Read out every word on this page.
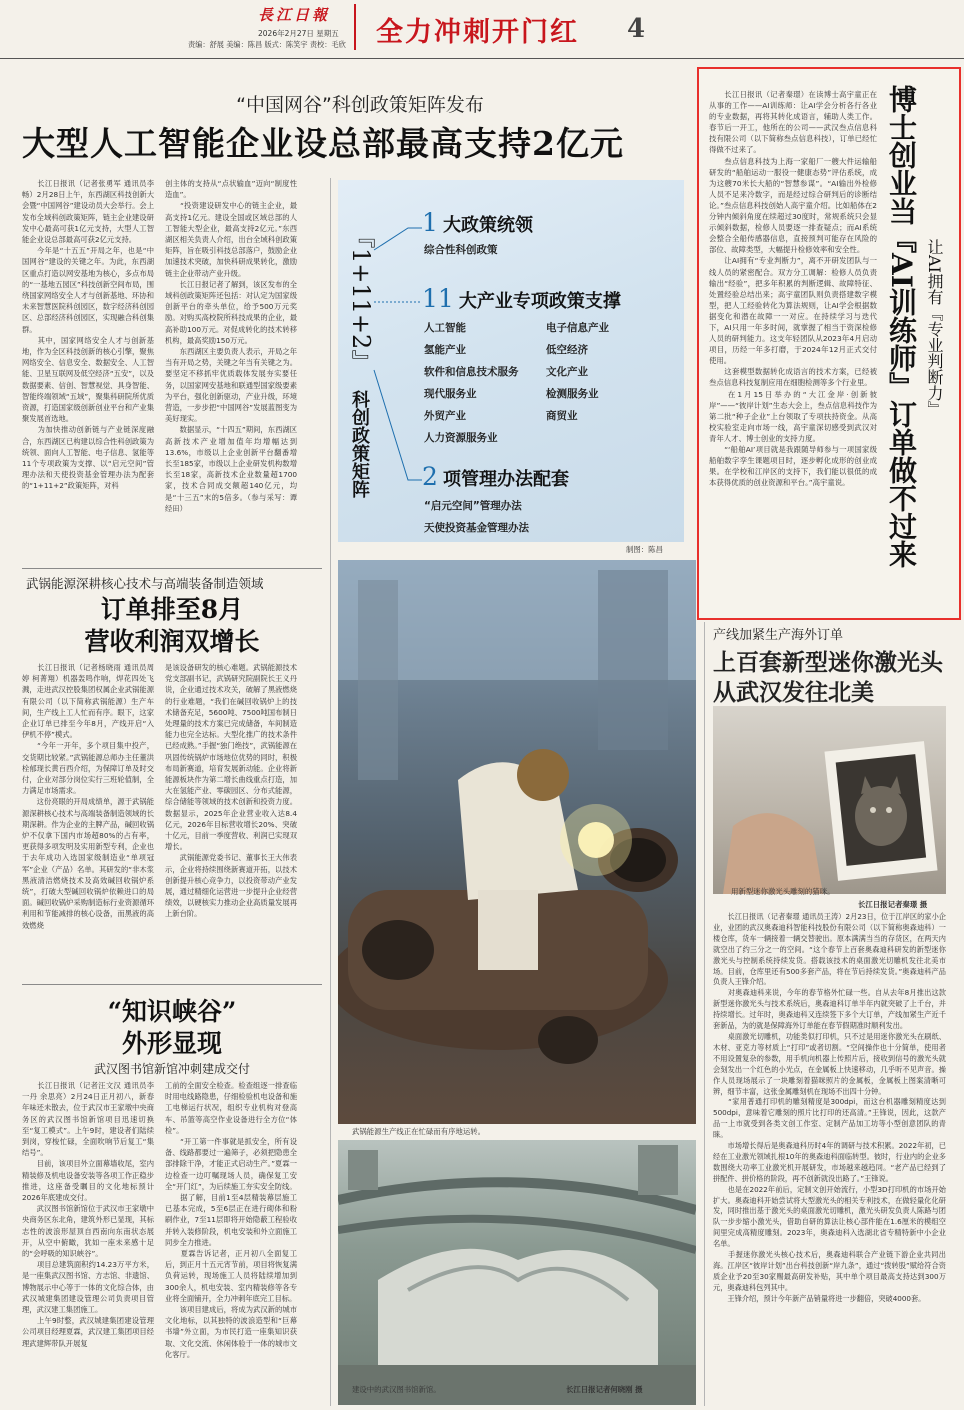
長江日報
2026年2月27日 星期五
责编：舒展 美编：陈昌 版式：陈笑宇 责校：毛欣 全力冲刺开门红 4
“中国网谷”科创政策矩阵发布
大型人工智能企业设总部最高支持2亿元
　　长江日报讯（记者张勇军 通讯员李畅）2月28日上午，东西湖区科技创新大会暨“中国网谷”建设动员大会举行。会上发布全域科创政策矩阵，链主企业建设研发中心最高可获1亿元支持，大型人工智能企业设总部最高可获2亿元支持。
　　今年是“十五五”开局之年，也是“中国网谷”建设的关键之年。为此，东西湖区重点打造以网安基地为核心，多点布局的“一基地五园区”科技创新空间布局，围绕国家网络安全人才与创新基地、环协和未来智慧医院科创园区，数字经济科创园区、总部经济科创园区，实现融合科创集群。
　　其中，国家网络安全人才与创新基地，作为全区科技创新的核心引擎，聚焦网络安全、信息安全、数据安全、人工智能、卫星互联网及低空经济“五安”，以及数据要素、信创、智慧视觉、具身智能、智能终端领域“五域”，聚集科研院所优质资源，打造国家级创新创业平台和产业集聚发展首选地。
　　为加快推动创新链与产业链深度融合，东西湖区已构建以综合性科创政策为统领、面向人工智能、电子信息、氢能等11个专项政策为支撑、以“启元空间”管理办法和天使投资基金管理办法为配套的“1+11+2”政策矩阵，对科
创主体的支持从“点状输血”迈向“制度性造血”。
　　“投资建设研发中心的链主企业，最高支持1亿元。建设全国或区域总部的人工智能大型企业，最高支持2亿元。”东西湖区相关负责人介绍，出台全域科创政策矩阵，旨在吸引科技总部落户，鼓励企业加速技术突破，加快科研成果转化，激励链主企业带动产业升级。
　　长江日报记者了解到，该区发布的全域科创政策矩阵还包括：对认定为国家级创新平台的牵头单位，给予500万元奖励。对购买高校院所科技成果的企业，最高补助100万元。对促成转化的技术转移机构，最高奖励150万元。
　　东西湖区主要负责人表示，开局之年当有开局之势，关键之年当有关键之为。要坚定不移抓牢优质载体发展夯实要任务，以国家网安基地和联通型国家级要素为平台，强化创新驱动，产业升级，环境营造，一步步把“中国网谷”发展蓝图变为美好现实。
　　数据显示，“十四五”期间，东西湖区高新技术产业增加值年均增幅达到13.6%，市级以上企业创新平台翻番增长至185家，市级以上企业研发机构数增长至18家，高新技术企业数量超1700家，技术合同成交额超140亿元，均是“十三五”末的5倍多。（参与采写：谭经田）
『1+11+2』
科创政策矩阵
1 大政策统领
综合性科创政策
11 大产业专项政策支撑
人工智能
氢能产业
软件和信息技术服务
现代服务业
外贸产业
人力资源服务业
电子信息产业
低空经济
文化产业
检测服务业
商贸业
2 项管理办法配套
“启元空间”管理办法
天使投资基金管理办法
制图：陈昌
武锅能源生产线正在忙碌而有序地运转。
建设中的武汉图书馆新馆。	长江日报记者何晓刚 摄
武锅能源深耕核心技术与高端装备制造领域
订单排至8月
营收利润双增长
　　长江日报讯（记者杨晓雨 通讯员周婷 柯菁翔）机器轰鸣作响，焊花四处飞溅，走进武汉控股集团权属企业武锅能源有限公司（以下简称武锅能源）生产车间，生产线上工人忙而有序。眼下，这家企业订单已排至今年8月，产线开启“入伊机不停”模式。
　　“今年一开年，多个项目集中投产，交货期比较紧。”武锅能源总师办主任董洪栓郁现长黄百西介绍，为保障订单及时交付，企业对部分岗位实行三班轮值制，全力满足市场需求。
　　这份亮眼的开局成绩单，源于武锅能源深耕核心技术与高端装备制造领域的长期深耕。作为企业的主脾产品，碱回收锅炉不仅拿下国内市场超80%的占有率，更获得多项发明及实用新型专利，企业也于去年成功入选国家级制造业“单项冠军”企业（产品）名单。其研发的“非木浆黑液清洁燃烧技术及高效碱回收锅炉系统”，打破大型碱回收锅炉依赖进口的局面。碱回收锅炉采购制造标行业资源循环利用和节能减排的核心设备，而黑液的高效燃烧
是该设备研发的核心难题。武锅能源技术党支部副书记，武锅研究院副院长王义丹说，企业通过技术攻关，破解了黑液燃烧的行业难题，“我们在碱回收锅炉上的技术储备充足，5600吨、7500吨国布制日处理量的技术方案已完成储备，车间制造能力也完全达标。大型化推广的技术条件已经成熟。”手握“独门绝技”，武锅能源在巩固传统锅炉市场地位优势的同时，积极布局新赛道，培育发展新动能。企业将新能源板块作为第二增长曲线重点打造，加大在氢能产业、零碳园区、分布式能源，综合储能等领域的技术创新和投资力度。数据显示，2025年企业营业收入达8.4亿元，2026年目标营收增长20%、突破十亿元，目前一季度营收、利润已实现双增长。
　　武锅能源党委书记、董事长王大伟表示，企业将持续围绕新赛道开拓，以技术创新提升核心竞争力，以投资带动产业发展，通过精细化运营进一步提升企业经营绩效，以硬核实力推动企业高质量发展再上新台阶。
“知识峡谷”
外形显现
武汉图书馆新馆冲刺建成交付
　　长江日报讯（记者汪文汉 通讯员李一丹 余思亮）2月24日正月初八，新春年味还未散去，位于武汉市王家墩中央商务区的武汉图书馆新馆项目迅速切换至“复工模式”。上午9时，建设者们陆续到岗，穿梭忙碌，全面吹响节后复工“集结号”。
　　目前，该项目外立面幕墙收尾，室内精装修及机电设备安装等各项工作正稳步推进，这座备受瞩目的文化地标预计2026年底建成交付。
　　武汉图书馆新馆位于武汉市王家墩中央商务区东北角，建筑外形已显现，其标志性的波浪形屋顶自西南向东南状态展开，从空中俯瞰，犹如一座未来感十足的“会呼吸的知识峡谷”。
　　项目总建筑面积约14.23万平方米，是一座集武汉图书馆、方志馆、非遗馆、博物展示中心等于一体的文化综合体，由武汉城建集团建设管理公司负责项目管理，武汉建工集团施工。
　　上午9时整，武汉城建集团建设管理公司项目经理夏霖，武汉建工集团项目经理武建辉带队开展复
工前的全面安全检查。检查组逐一排查临时用电线路隐患，仔细检验机电设备和施工电梯运行状况，组织专业机构对登高车、吊篮等高空作业设备进行全方位“体检”。
　　“开工第一件事就是抓安全，所有设备、线路都要过一遍筛子，必须把隐患全部排除干净，才能正式启动生产。”夏霖一边检查一边叮嘱现场人员，确保复工安全“开门红”，为后续施工夯实安全防线。
　　据了解，目前1至4层精装幕层施工已基本完成，5至6层正在进行砌体和粉刷作业，7至11层即将开始隐蔽工程验收并转入装修阶段，机电安装和外立面施工同步全力推进。
　　夏霖告诉记者，正月初八全面复工后，到正月十五元宵节前，项目将恢复满负荷运转，现场施工人员将陆续增加到300余人，机电安装、室内精装修等各专业将全面铺开，全力冲刺年底完工目标。
　　该项目建成后，将成为武汉新的城市文化地标，以其独特的波浪造型和“巨幕书墙”外立面，为市民打造一座集知识获取、文化交流、休闲体验于一体的城市文化客厅。
　　长江日报讯（记者秦璟）在读博士高宇童正在从事的工作——AI训练师：让AI学会分析各行各业的专业数据，再将其转化成语言，辅助人类工作。春节后一开工，他所在的公司——武汉叁点信息科技有限公司（以下简称叁点信息科技），订单已经忙得做不过来了。
　　叁点信息科技为上海一家船厂一艘大件运输船研发的“船舶运动一服役一健康态势”评估系统，成为这艘70米长大船的“智慧参谋”。“AI输出外检修人员不足来冷数字，而是经过综合研判后的诊断结论。”叁点信息科技创始人高宇童介绍。比如船体在2分钟内倾斜角度在续超过30度时，常规系统只会显示倾斜数据，检修人员要逐一排查疑点；而AI系统会整合全船传感器信息，直接预判可能存在风险的部位、故障类型，大幅提升检修效率和安全性。
　　让AI拥有“专业判断力”，离不开研发团队与一线人员的紧密配合。双方分工调解：检修人员负责输出“经验”，把多年积累的判断逻辑、故障特征、处置经验总结出来；高宇童团队则负责搭建数字模型，把人工经验转化为算法规则，让AI学会根据数据变化和潜在故障一一对应。在持续学习与迭代下，AI只用一年多时间，就掌握了相当于资深检修人员的研判能力。这支年轻团队从2023年4月启动项目，历经一年多打磨，于2024年12月正式交付使用。
　　这套模型数据转化成语言的技术方案，已经被叁点信息科技复制应用在细胞检测等多个行业里。
　　在1月15日举办的“大江金岸·创新彼岸”——“彼岸计划”生态大会上，叁点信息科技作为第二批“种子企业”上台领取了专项扶持资金。从高校实验室走向市场一线，高宇童深切感受到武汉对青年人才、博士创业的支持力度。
　　“‘船舶AI’项目就是我跟随导师参与一项国家级船舶数字孪生课题项目时，逐步孵化成形的创业成果。在学校和江岸区的支持下，我们能以很低的成本获得优质的创业资源和平台。”高宇童说。	博士创业当『AI训练师』订单做不过来 让AI拥有『专业判断力』
产线加紧生产海外订单
上百套新型迷你激光头
从武汉发往北美
用新型迷你激光头雕刻的猫咪。
长江日报记者秦璟 摄
　　长江日报讯（记者秦璟 通讯员王涛）2月23日，位于江岸区的家小企业，业团的武汉奥森迪科智能科技股份有限公司（以下简称奥森迪科）一楼仓库，货车一辆接着一辆交替驶出。原本满满当当的存货区，在两天内就空出了约三分之一的空间。“这个春节上百套奥森迪科研发的新型迷你激光头与控制系统持续发货。搭载该技术的桌面激光切雕机发往北美市场。目前，仓库里还有500多套产品，将在节后持续发货。”奥森迪科产品负责人王锋介绍。
　　对奥森迪科来说，今年的春节格外忙碌一些。自从去年8月推出这款新型迷你激光头与技术系统后，奥森迪科订单半年内就突破了上千台，并持续增长。过年时，奥森迪科又连续签下多个大订单，产线加紧生产近千套新品，为的就是保障海外订单能在春节假期准时顺利发出。
　　桌面激光切雕机，功能类似打印机，只不过是用迷你激光头在刷纸、木材、亚克力等材质上“打印”或者切割。“空间操作也十分简单，使用者不用设置复杂的参数，用手机向机器上传照片后，接收到信号的激光头就会刻发出一个红色的小光点，在金属板上快速移动，几乎听不见声音。操作人员现场展示了一块雕刻着猫咪照片的金属板，金属板上图案清晰可辨，细节丰富，这张金属雕刻机在现场不出四十分钟。
　　“家用普通打印机的雕刻精度是300dpi，而这台机器雕刻精度达到500dpi，意味着它雕刻的照片比打印的还高清。”王锋说，因此，这款产品一上市就受到各类文创工作室、定制产品加工坊等小型创意团队的青睐。
　　市场增长得后是奥森迪科历时4年的调研与技术积累。2022年初，已经在工业激光领域扎根10年的奥森迪科面临转型。彼时，行业内的企业多数围绕大功率工业激光机开展研发，市场越来越趋同。“老产品已经到了拼配件、拼价格的阶段，再不创新就没出路了。”王锋说。
　　也是在2022年前后，定制文创开始流行，小型3D打印机的市场开始扩大。奥森迪科开始尝试将大型激光头的相关专利技术，在做轻量化化研发，同时推出基于激光头的桌面激光切雕机，激光头研发负责人陈路与团队一步步缩小激光头，借助自研的算法让核心部件能在1.6厘米的模组空间里完成高精度雕刻。2023年，奥森迪科入选湖北省专精特新中小企业名单。
　　手握迷你激光头核心技术后，奥森迪科联合产业链下游企业共同出海。江岸区“彼岸计划”出台科技创新“岸九条”，通过“拨转股”赋给符合资质企业予20至30家赐最高研发补贴，其中单个项目最高支持达到300万元，奥森迪科包列其中。
　　王锋介绍，预计今年新产品销量将进一步翻倍，突破4000套。
